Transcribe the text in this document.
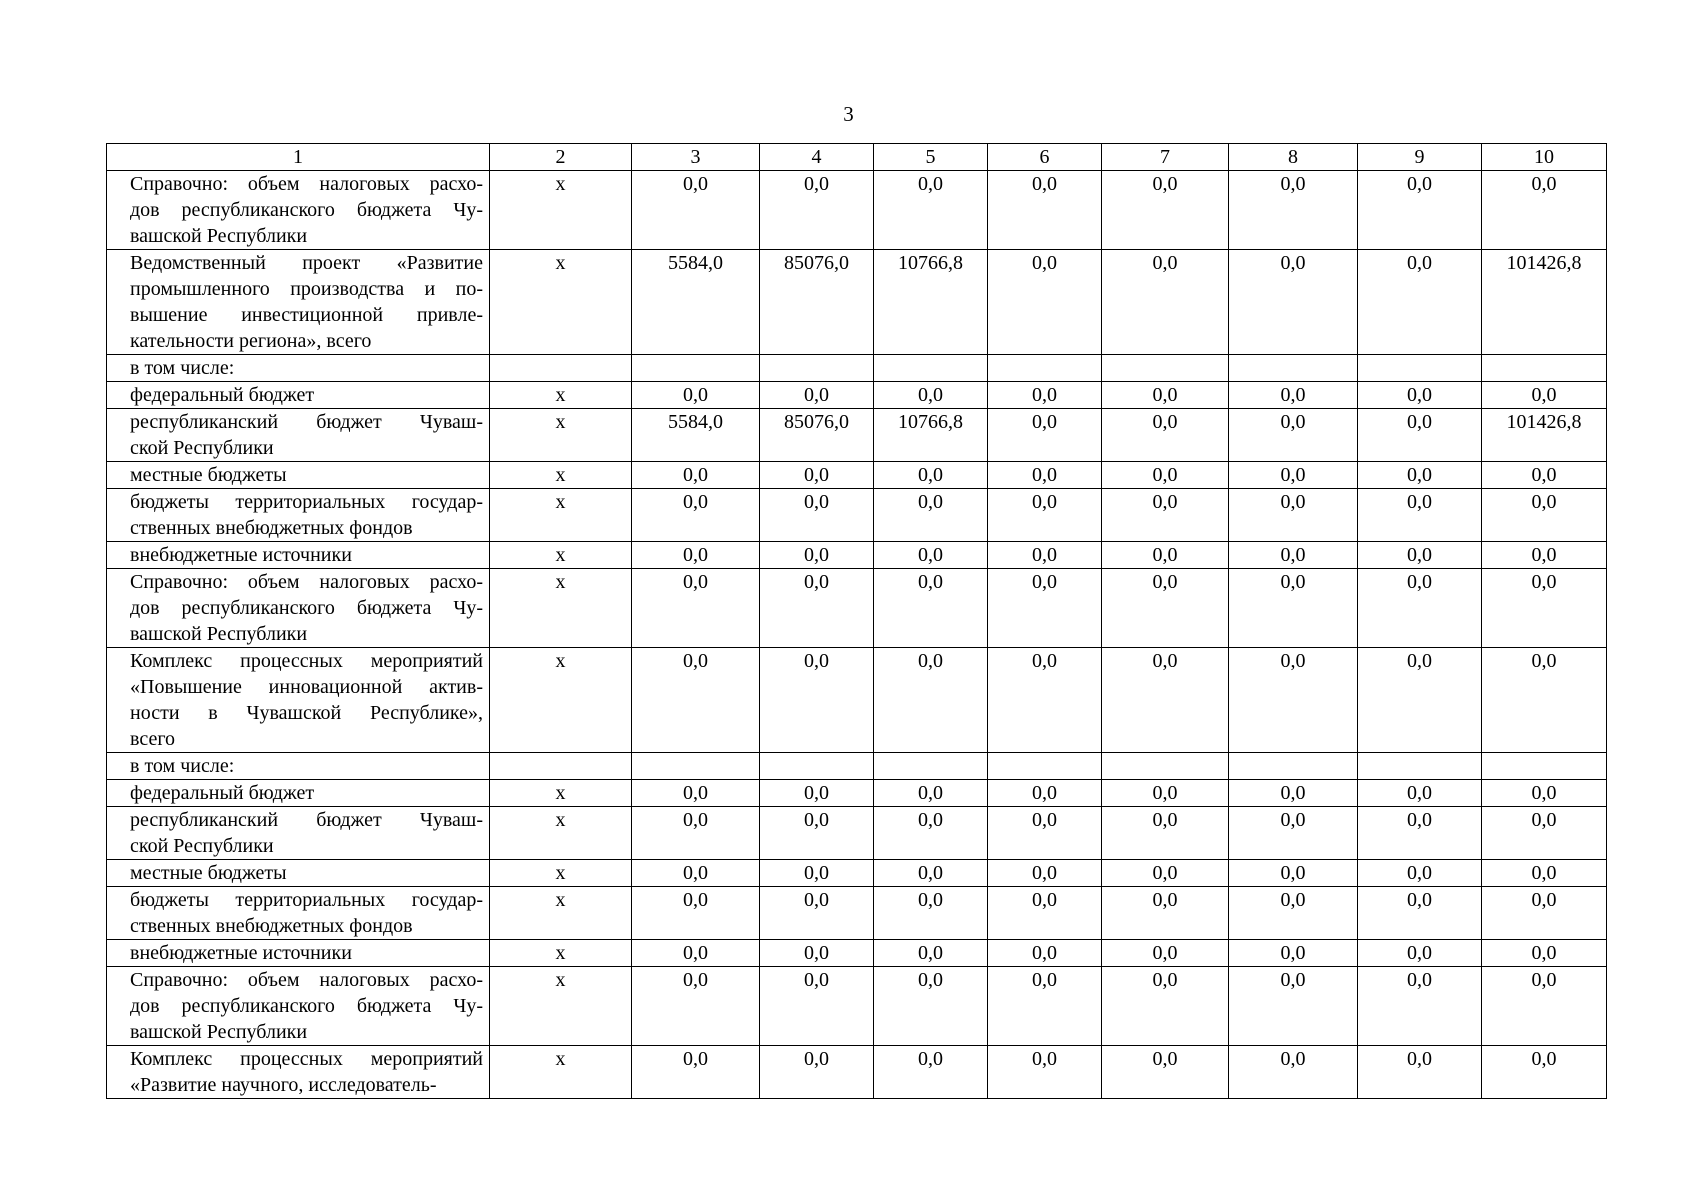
3
1	2	3	4	5	6	7	8	9	10

Справочно: объем налоговых расхо-
дов республиканского бюджета Чу-
вашской Республики	x	0,0	0,0	0,0	0,0	0,0	0,0	0,0	0,0

Ведомственный проект «Развитие
промышленного производства и по-
вышение инвестиционной привле-
кательности региона», всего	x	5584,0	85076,0	10766,8	0,0	0,0	0,0	0,0	101426,8

в том числе:									

федеральный бюджет	x	0,0	0,0	0,0	0,0	0,0	0,0	0,0	0,0

республиканский бюджет Чуваш-
ской Республики	x	5584,0	85076,0	10766,8	0,0	0,0	0,0	0,0	101426,8

местные бюджеты	x	0,0	0,0	0,0	0,0	0,0	0,0	0,0	0,0

бюджеты территориальных государ-
ственных внебюджетных фондов	x	0,0	0,0	0,0	0,0	0,0	0,0	0,0	0,0

внебюджетные источники	x	0,0	0,0	0,0	0,0	0,0	0,0	0,0	0,0

Справочно: объем налоговых расхо-
дов республиканского бюджета Чу-
вашской Республики	x	0,0	0,0	0,0	0,0	0,0	0,0	0,0	0,0

Комплекс процессных мероприятий
«Повышение инновационной актив-
ности в Чувашской Республике»,
всего	x	0,0	0,0	0,0	0,0	0,0	0,0	0,0	0,0

в том числе:									

федеральный бюджет	x	0,0	0,0	0,0	0,0	0,0	0,0	0,0	0,0

республиканский бюджет Чуваш-
ской Республики	x	0,0	0,0	0,0	0,0	0,0	0,0	0,0	0,0

местные бюджеты	x	0,0	0,0	0,0	0,0	0,0	0,0	0,0	0,0

бюджеты территориальных государ-
ственных внебюджетных фондов	x	0,0	0,0	0,0	0,0	0,0	0,0	0,0	0,0

внебюджетные источники	x	0,0	0,0	0,0	0,0	0,0	0,0	0,0	0,0

Справочно: объем налоговых расхо-
дов республиканского бюджета Чу-
вашской Республики	x	0,0	0,0	0,0	0,0	0,0	0,0	0,0	0,0

Комплекс процессных мероприятий
«Развитие научного, исследователь-	x	0,0	0,0	0,0	0,0	0,0	0,0	0,0	0,0
